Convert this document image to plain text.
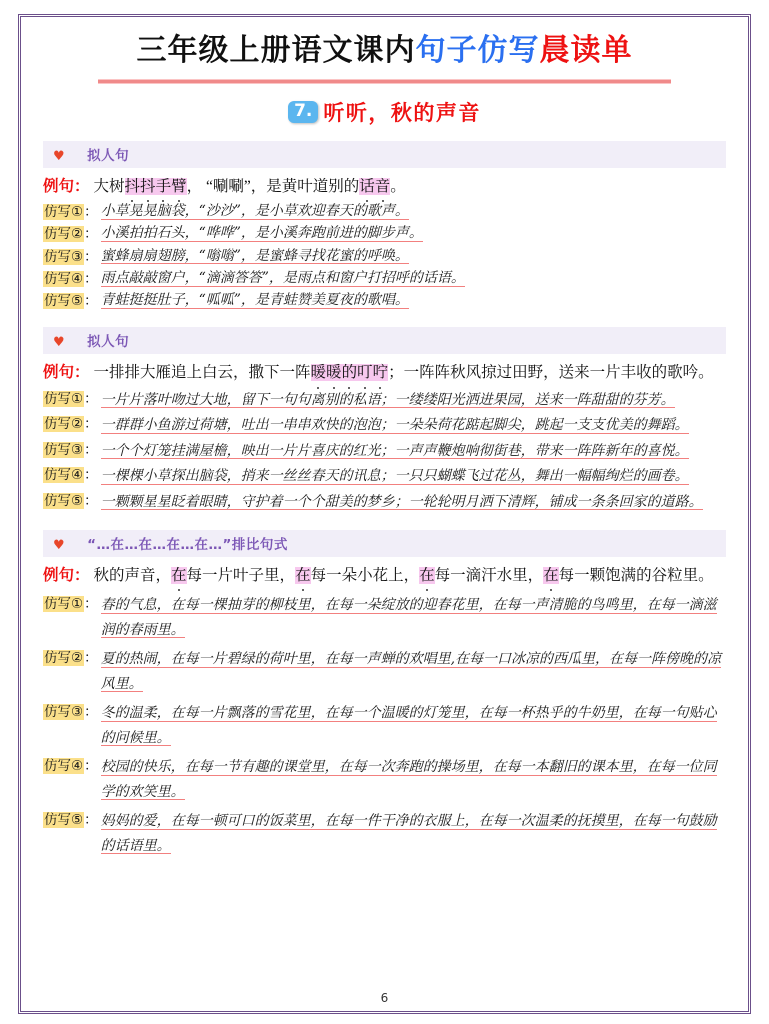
三年级上册语文课内句子仿写晨读单
7. 听听，秋的声音
♥ 拟人句
例句： 大树抖抖手臂， “唰唰”，是黄叶道别的话音。
仿写①： 小草晃晃脑袋，“沙沙”，是小草欢迎春天的歌声。
仿写②： 小溪拍拍石头，“哗哗”，是小溪奔跑前进的脚步声。
仿写③： 蜜蜂扇扇翅膀，“嗡嗡”，是蜜蜂寻找花蜜的呼唤。
仿写④： 雨点敲敲窗户，“滴滴答答”，是雨点和窗户打招呼的话语。
仿写⑤： 青蛙挺挺肚子，“呱呱”，是青蛙赞美夏夜的歌唱。
♥ 拟人句
例句： 一排排大雁追上白云，撒下一阵暖暖的叮咛；一阵阵秋风掠过田野，送来一片丰收的歌吟。
仿写①： 一片片落叶吻过大地，留下一句句离别的私语；一缕缕阳光洒进果园，送来一阵甜甜的芬芳。
仿写②： 一群群小鱼游过荷塘，吐出一串串欢快的泡泡；一朵朵荷花踮起脚尖，跳起一支支优美的舞蹈。
仿写③： 一个个灯笼挂满屋檐，映出一片片喜庆的红光；一声声鞭炮响彻街巷，带来一阵阵新年的喜悦。
仿写④： 一棵棵小草探出脑袋，捎来一丝丝春天的讯息；一只只蝴蝶飞过花丛，舞出一幅幅绚烂的画卷。
仿写⑤： 一颗颗星星眨着眼睛，守护着一个个甜美的梦乡；一轮轮明月洒下清辉，铺成一条条回家的道路。
♥ “…在…在…在…在…”排比句式
例句： 秋的声音，在每一片叶子里，在每一朵小花上，在每一滴汗水里，在每一颗饱满的谷粒里。
仿写①： 春的气息，在每一棵抽芽的柳枝里，在每一朵绽放的迎春花里，在每一声清脆的鸟鸣里，在每一滴滋润的春雨里。
仿写②： 夏的热闹，在每一片碧绿的荷叶里，在每一声蝉的欢唱里,在每一口冰凉的西瓜里，在每一阵傍晚的凉风里。
仿写③： 冬的温柔，在每一片飘落的雪花里，在每一个温暖的灯笼里，在每一杯热乎的牛奶里，在每一句贴心的问候里。
仿写④： 校园的快乐，在每一节有趣的课堂里，在每一次奔跑的操场里，在每一本翻旧的课本里，在每一位同学的欢笑里。
仿写⑤： 妈妈的爱，在每一顿可口的饭菜里，在每一件干净的衣服上，在每一次温柔的抚摸里，在每一句鼓励的话语里。
6
